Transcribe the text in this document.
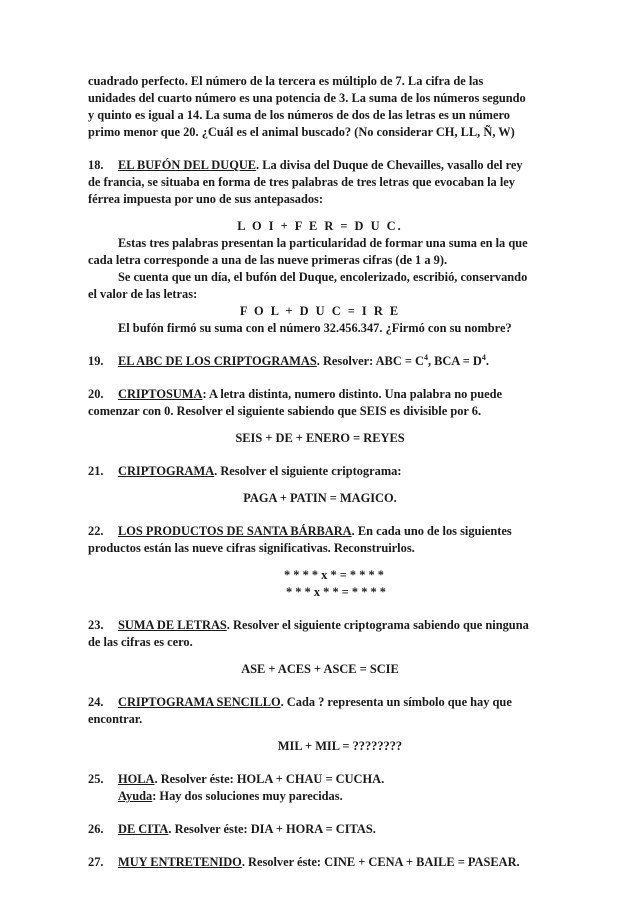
cuadrado perfecto. El número de la tercera es múltiplo de 7. La cifra de las
unidades del cuarto número es una potencia de 3. La suma de los números segundo
y quinto es igual a 14. La suma de los números de dos de las letras es un número
primo menor que 20. ¿Cuál es el animal buscado? (No considerar CH, LL, Ñ, W)
18. EL BUFÓN DEL DUQUE. La divisa del Duque de Chevailles, vasallo del rey
de francia, se situaba en forma de tres palabras de tres letras que evocaban la ley
férrea impuesta por uno de sus antepasados:
L O I + F E R = D U C.
Estas tres palabras presentan la particularidad de formar una suma en la que
cada letra corresponde a una de las nueve primeras cifras (de 1 a 9).
Se cuenta que un día, el bufón del Duque, encolerizado, escribió, conservando
el valor de las letras:
F O L + D U C = I R E
El bufón firmó su suma con el número 32.456.347. ¿Firmó con su nombre?
19. EL ABC DE LOS CRIPTOGRAMAS. Resolver: ABC = $C^4$, BCA = $D^4$.
20. CRIPTOSUMA: A letra distinta, numero distinto. Una palabra no puede
comenzar con 0. Resolver el siguiente sabiendo que SEIS es divisible por 6.
SEIS + DE + ENERO = REYES
21. CRIPTOGRAMA. Resolver el siguiente criptograma:
PAGA + PATIN = MAGICO.
22. LOS PRODUCTOS DE SANTA BÁRBARA. En cada uno de los siguientes
productos están las nueve cifras significativas. Reconstruirlos.
* * * * x * = * * * *
* * * x * * = * * * *
23. SUMA DE LETRAS. Resolver el siguiente criptograma sabiendo que ninguna
de las cifras es cero.
ASE + ACES + ASCE = SCIE
24. CRIPTOGRAMA SENCILLO. Cada ? representa un símbolo que hay que
encontrar.
MIL + MIL = ????????
25. HOLA. Resolver éste: HOLA + CHAU = CUCHA.
Ayuda: Hay dos soluciones muy parecidas.
26. DE CITA. Resolver éste: DIA + HORA = CITAS.
27. MUY ENTRETENIDO. Resolver éste: CINE + CENA + BAILE = PASEAR.
